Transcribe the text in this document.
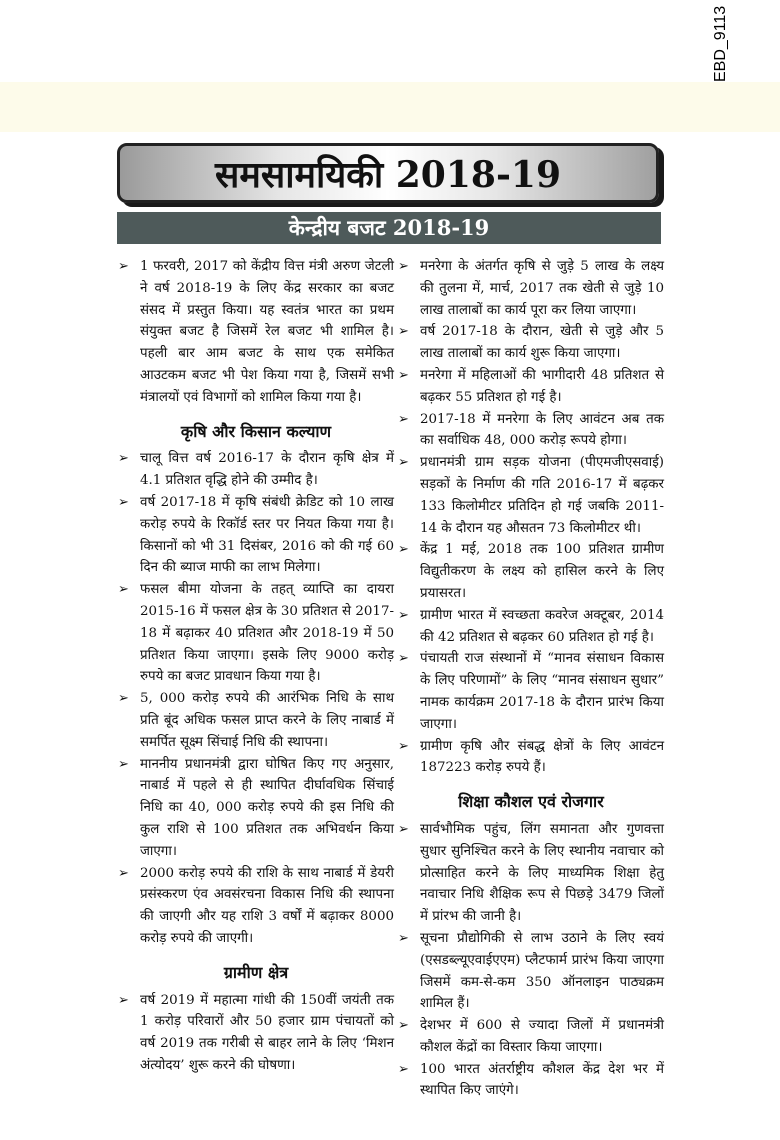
EBD_9113
समसामयिकी 2018-19
केन्द्रीय बजट 2018-19
➢ 1 फरवरी, 2017 को केंद्रीय वित्त मंत्री अरुण जेटली ने वर्ष 2018-19 के लिए केंद्र सरकार का बजट संसद में प्रस्तुत किया। यह स्वतंत्र भारत का प्रथम संयुक्त बजट है जिसमें रेल बजट भी शामिल है। पहली बार आम बजट के साथ एक समेकित आउटकम बजट भी पेश किया गया है, जिसमें सभी मंत्रालयों एवं विभागों को शामिल किया गया है।
कृषि और किसान कल्याण
➢ चालू वित्त वर्ष 2016-17 के दौरान कृषि क्षेत्र में 4.1 प्रतिशत वृद्धि होने की उम्मीद है।
➢ वर्ष 2017-18 में कृषि संबंधी क्रेडिट को 10 लाख करोड़ रुपये के रिकॉर्ड स्तर पर नियत किया गया है। किसानों को भी 31 दिसंबर, 2016 को की गई 60 दिन की ब्याज माफी का लाभ मिलेगा।
➢ फसल बीमा योजना के तहत् व्याप्ति का दायरा 2015-16 में फसल क्षेत्र के 30 प्रतिशत से 2017-18 में बढ़ाकर 40 प्रतिशत और 2018-19 में 50 प्रतिशत किया जाएगा। इसके लिए 9000 करोड़ रुपये का बजट प्रावधान किया गया है।
➢ 5, 000 करोड़ रुपये की आरंभिक निधि के साथ प्रति बूंद अधिक फसल प्राप्त करने के लिए नाबार्ड में समर्पित सूक्ष्म सिंचाई निधि की स्थापना।
➢ माननीय प्रधानमंत्री द्वारा घोषित किए गए अनुसार, नाबार्ड में पहले से ही स्थापित दीर्घावधिक सिंचाई निधि का 40, 000 करोड़ रुपये की इस निधि की कुल राशि से 100 प्रतिशत तक अभिवर्धन किया जाएगा।
➢ 2000 करोड़ रुपये की राशि के साथ नाबार्ड में डेयरी प्रसंस्करण एंव अवसंरचना विकास निधि की स्थापना की जाएगी और यह राशि 3 वर्षों में बढ़ाकर 8000 करोड़ रुपये की जाएगी।
ग्रामीण क्षेत्र
➢ वर्ष 2019 में महात्मा गांधी की 150वीं जयंती तक 1 करोड़ परिवारों और 50 हजार ग्राम पंचायतों को वर्ष 2019 तक गरीबी से बाहर लाने के लिए ‘मिशन अंत्योदय’ शुरू करने की घोषणा।
➢ मनरेगा के अंतर्गत कृषि से जुड़े 5 लाख के लक्ष्य की तुलना में, मार्च, 2017 तक खेती से जुड़े 10 लाख तालाबों का कार्य पूरा कर लिया जाएगा।
➢ वर्ष 2017-18 के दौरान, खेती से जुड़े और 5 लाख तालाबों का कार्य शुरू किया जाएगा।
➢ मनरेगा में महिलाओं की भागीदारी 48 प्रतिशत से बढ़कर 55 प्रतिशत हो गई है।
➢ 2017-18 में मनरेगा के लिए आवंटन अब तक का सर्वाधिक 48, 000 करोड़ रूपये होगा।
➢ प्रधानमंत्री ग्राम सड़क योजना (पीएमजीएसवाई) सड़कों के निर्माण की गति 2016-17 में बढ़कर 133 किलोमीटर प्रतिदिन हो गई जबकि 2011-14 के दौरान यह औसतन 73 किलोमीटर थी।
➢ केंद्र 1 मई, 2018 तक 100 प्रतिशत ग्रामीण विद्युतीकरण के लक्ष्य को हासिल करने के लिए प्रयासरत।
➢ ग्रामीण भारत में स्वच्छता कवरेज अक्टूबर, 2014 की 42 प्रतिशत से बढ़कर 60 प्रतिशत हो गई है।
➢ पंचायती राज संस्थानों में “मानव संसाधन विकास के लिए परिणामों” के लिए “मानव संसाधन सुधार” नामक कार्यक्रम 2017-18 के दौरान प्रारंभ किया जाएगा।
➢ ग्रामीण कृषि और संबद्ध क्षेत्रों के लिए आवंटन 187223 करोड़ रुपये हैं।
शिक्षा कौशल एवं रोजगार
➢ सार्वभौमिक पहुंच, लिंग समानता और गुणवत्ता सुधार सुनिश्चित करने के लिए स्थानीय नवाचार को प्रोत्साहित करने के लिए माध्यमिक शिक्षा हेतु नवाचार निधि शैक्षिक रूप से पिछड़े 3479 जिलों में प्रांरभ की जानी है।
➢ सूचना प्रौद्योगिकी से लाभ उठाने के लिए स्वयं (एसडब्ल्यूएवाईएएम) प्लैटफार्म प्रारंभ किया जाएगा जिसमें कम-से-कम 350 ऑनलाइन पाठ्यक्रम शामिल हैं।
➢ देशभर में 600 से ज्यादा जिलों में प्रधानमंत्री कौशल केंद्रों का विस्तार किया जाएगा।
➢ 100 भारत अंतर्राष्ट्रीय कौशल केंद्र देश भर में स्थापित किए जाएंगे।
